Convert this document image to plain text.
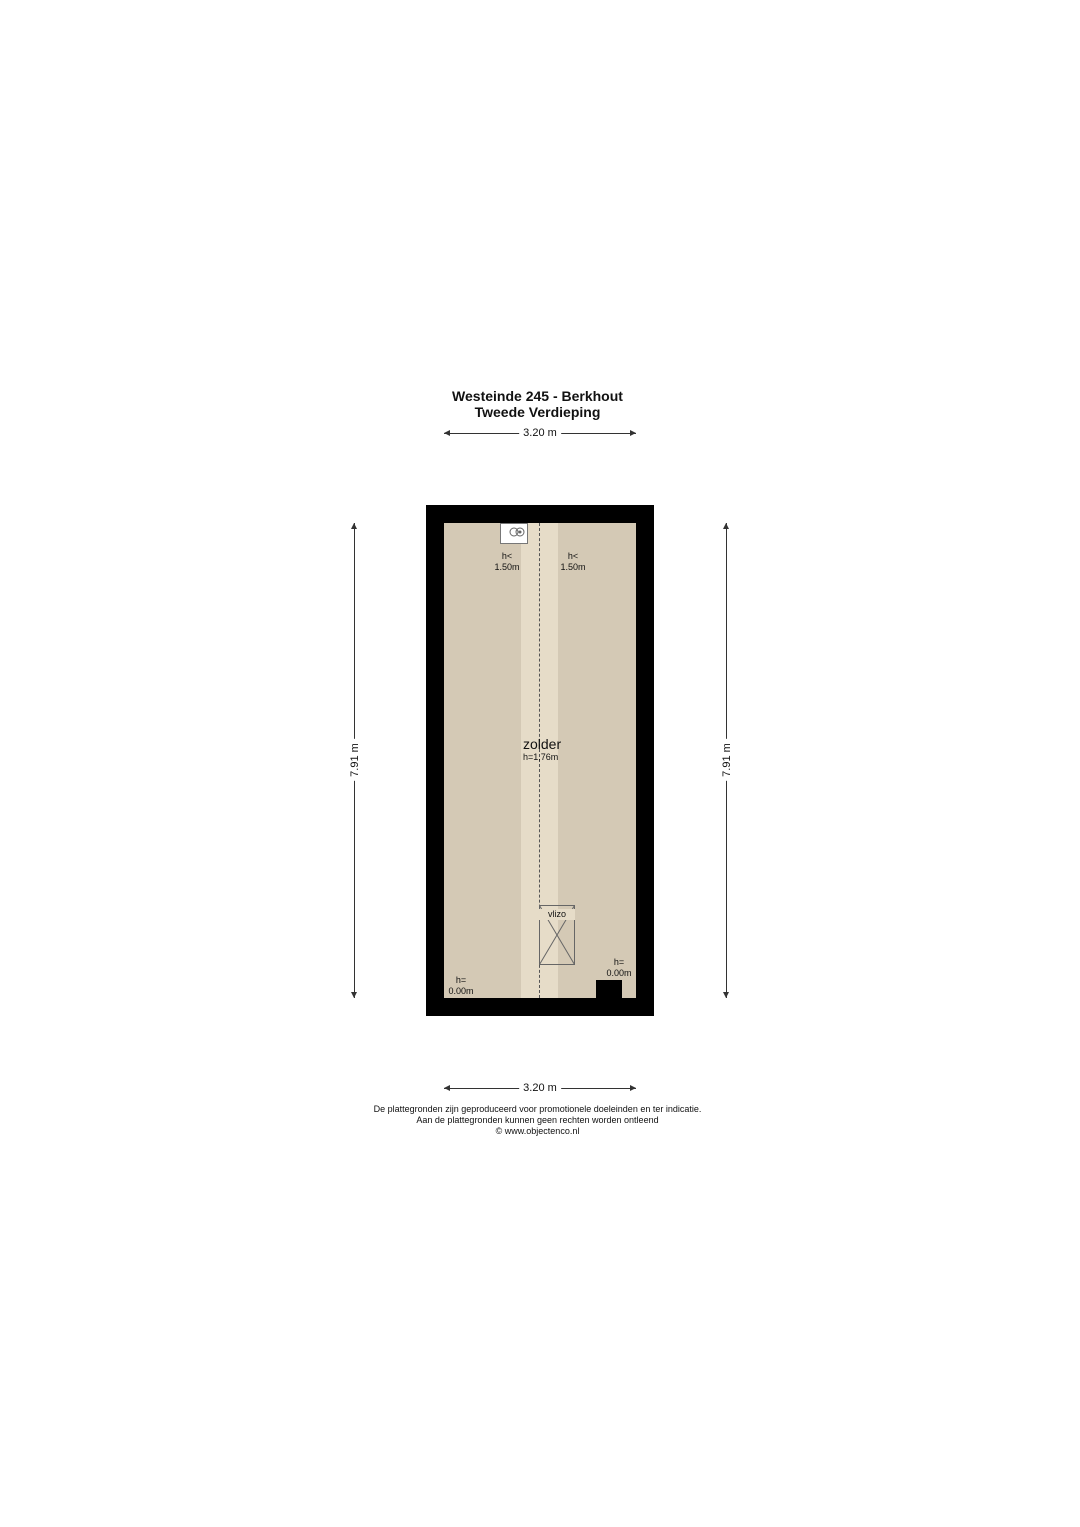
Westeinde 245 - Berkhout
Tweede Verdieping
3.20 m
7.91 m	7.91 m
vlizo
h<
1.50m
h<
1.50m
zolder
h=1,76m
h=
0.00m
h=
0.00m
3.20 m
De plattegronden zijn geproduceerd voor promotionele doeleinden en ter indicatie.
Aan de plattegronden kunnen geen rechten worden ontleend
© www.objectenco.nl
